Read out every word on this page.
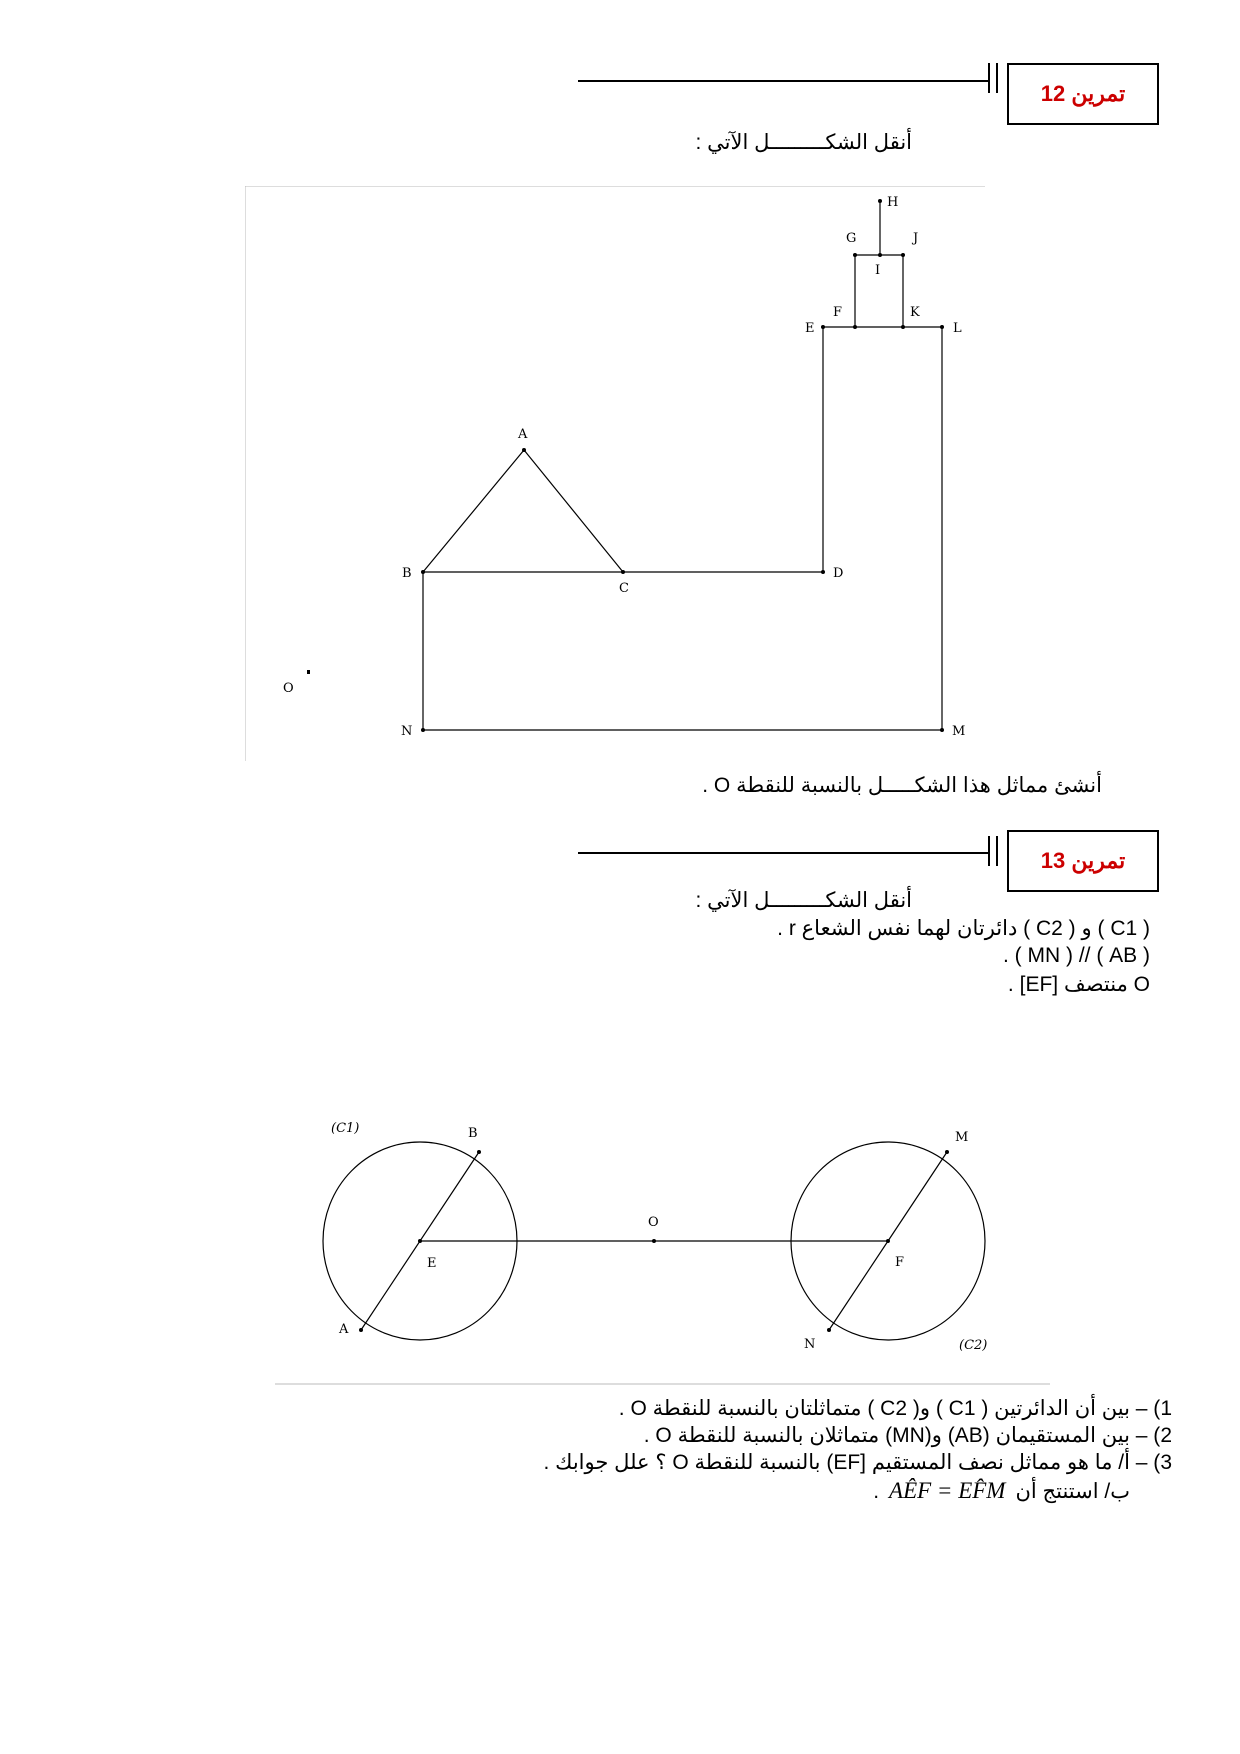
تمرين 12
أنقل الشكـــــــــل الآتي :
H
G	J
I
E
F	K
L
A
B
C
D
O
N	M
أنشئ مماثل هذا الشكـــــل بالنسبة للنقطة O .
تمرين 13
أنقل الشكـــــــــل الآتي :
( C1 ) و ( C2 ) دائرتان لهما نفس الشعاع r .
( AB ) // ( MN ) .
O منتصف [EF] .
(C1)	B
E
A
O
F
M
N	(C2)
1) – بين أن الدائرتين ( C1 ) و( C2 ) متماثلتان بالنسبة للنقطة O .
2) – بين المستقيمان (AB) و(MN) متماثلان بالنسبة للنقطة O .
3) – أ/ ما هو مماثل نصف المستقيم [EF) بالنسبة للنقطة O ؟ علل جوابك .
ب/ استنتج أن
AÊF = EF̂M
.
